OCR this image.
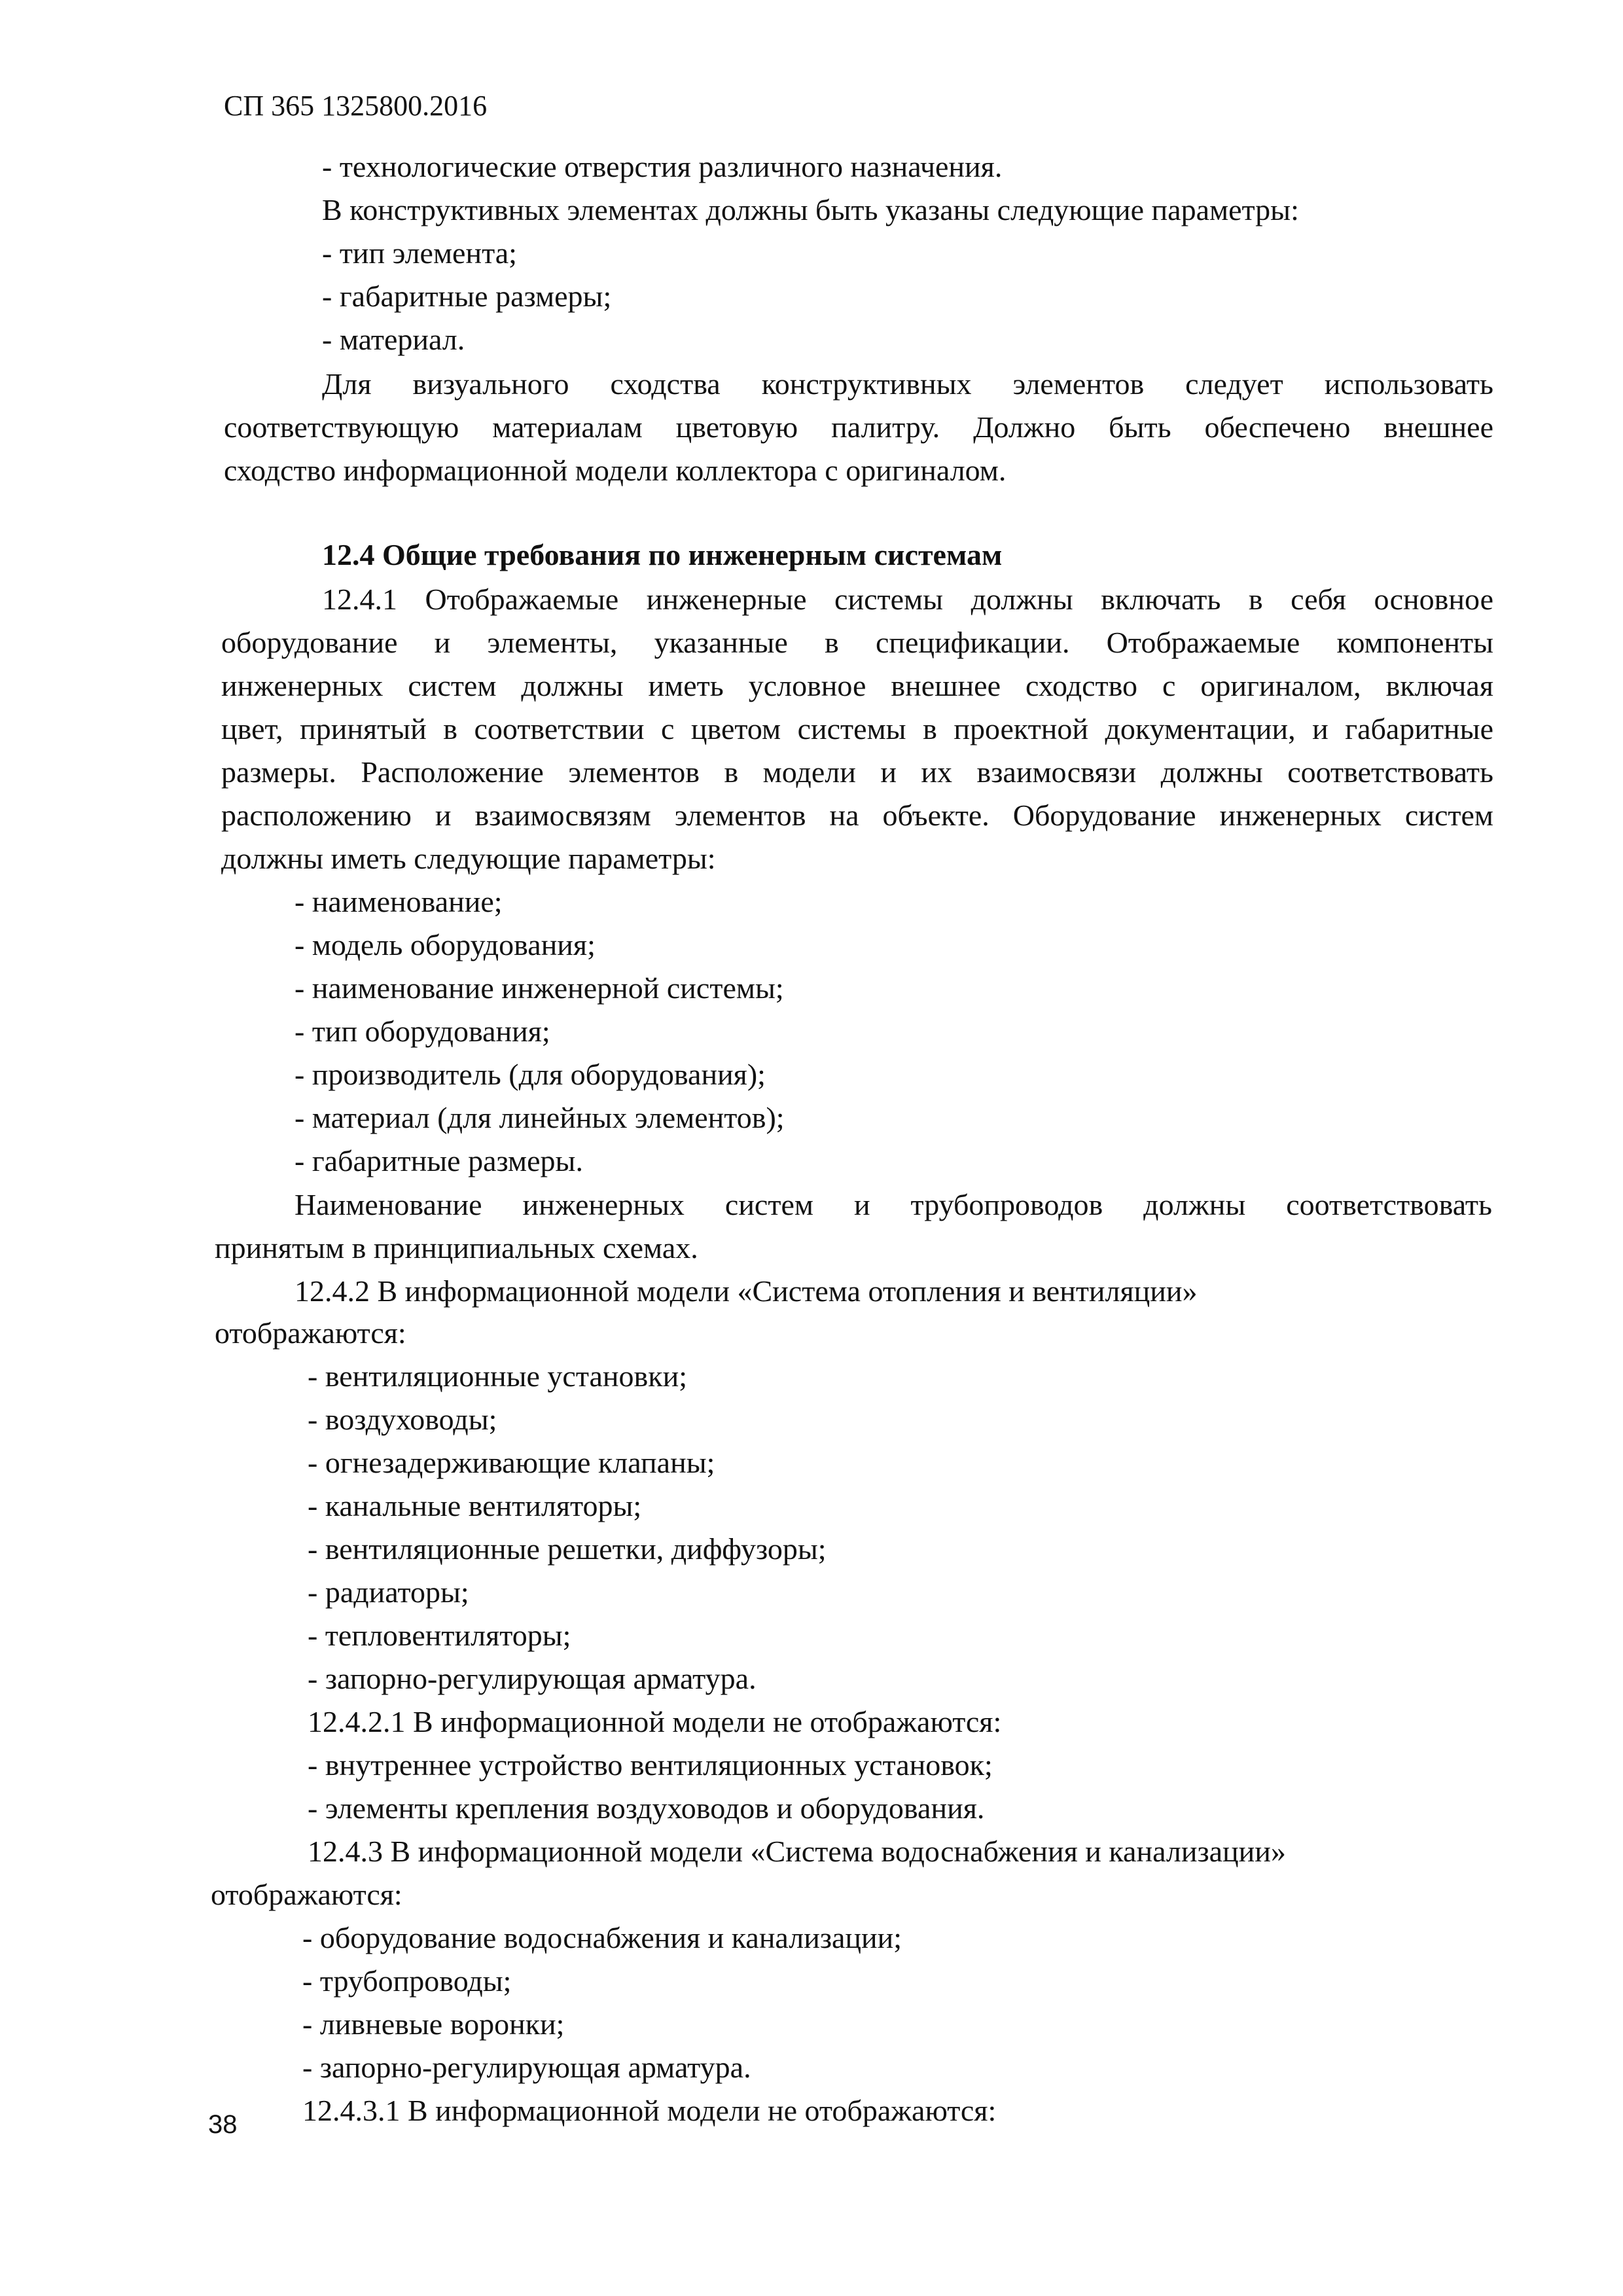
СП 365 1325800.2016
- технологические отверстия различного назначения.
В конструктивных элементах должны быть указаны следующие параметры:
- тип элемента;
- габаритные размеры;
- материал.
Для визуального сходства конструктивных элементов следует использовать
соответствующую материалам цветовую палитру. Должно быть обеспечено внешнее
сходство информационной модели коллектора с оригиналом.
12.4 Общие требования по инженерным системам
12.4.1 Отображаемые инженерные системы должны включать в себя основное
оборудование и элементы, указанные в спецификации. Отображаемые компоненты
инженерных систем должны иметь условное внешнее сходство с оригиналом, включая
цвет, принятый в соответствии с цветом системы в проектной документации, и габаритные
размеры. Расположение элементов в модели и их взаимосвязи должны соответствовать
расположению и взаимосвязям элементов на объекте. Оборудование инженерных систем
должны иметь следующие параметры:
- наименование;
- модель оборудования;
- наименование инженерной системы;
- тип оборудования;
- производитель (для оборудования);
- материал (для линейных элементов);
- габаритные размеры.
Наименование инженерных систем и трубопроводов должны соответствовать
принятым в принципиальных схемах.
12.4.2 В информационной модели «Система отопления и вентиляции»
отображаются:
- вентиляционные установки;
- воздуховоды;
- огнезадерживающие клапаны;
- канальные вентиляторы;
- вентиляционные решетки, диффузоры;
- радиаторы;
- тепловентиляторы;
- запорно-регулирующая арматура.
12.4.2.1 В информационной модели не отображаются:
- внутреннее устройство вентиляционных установок;
- элементы крепления воздуховодов и оборудования.
12.4.3 В информационной модели «Система водоснабжения и канализации»
отображаются:
- оборудование водоснабжения и канализации;
- трубопроводы;
- ливневые воронки;
- запорно-регулирующая арматура.
12.4.3.1 В информационной модели не отображаются:
38
